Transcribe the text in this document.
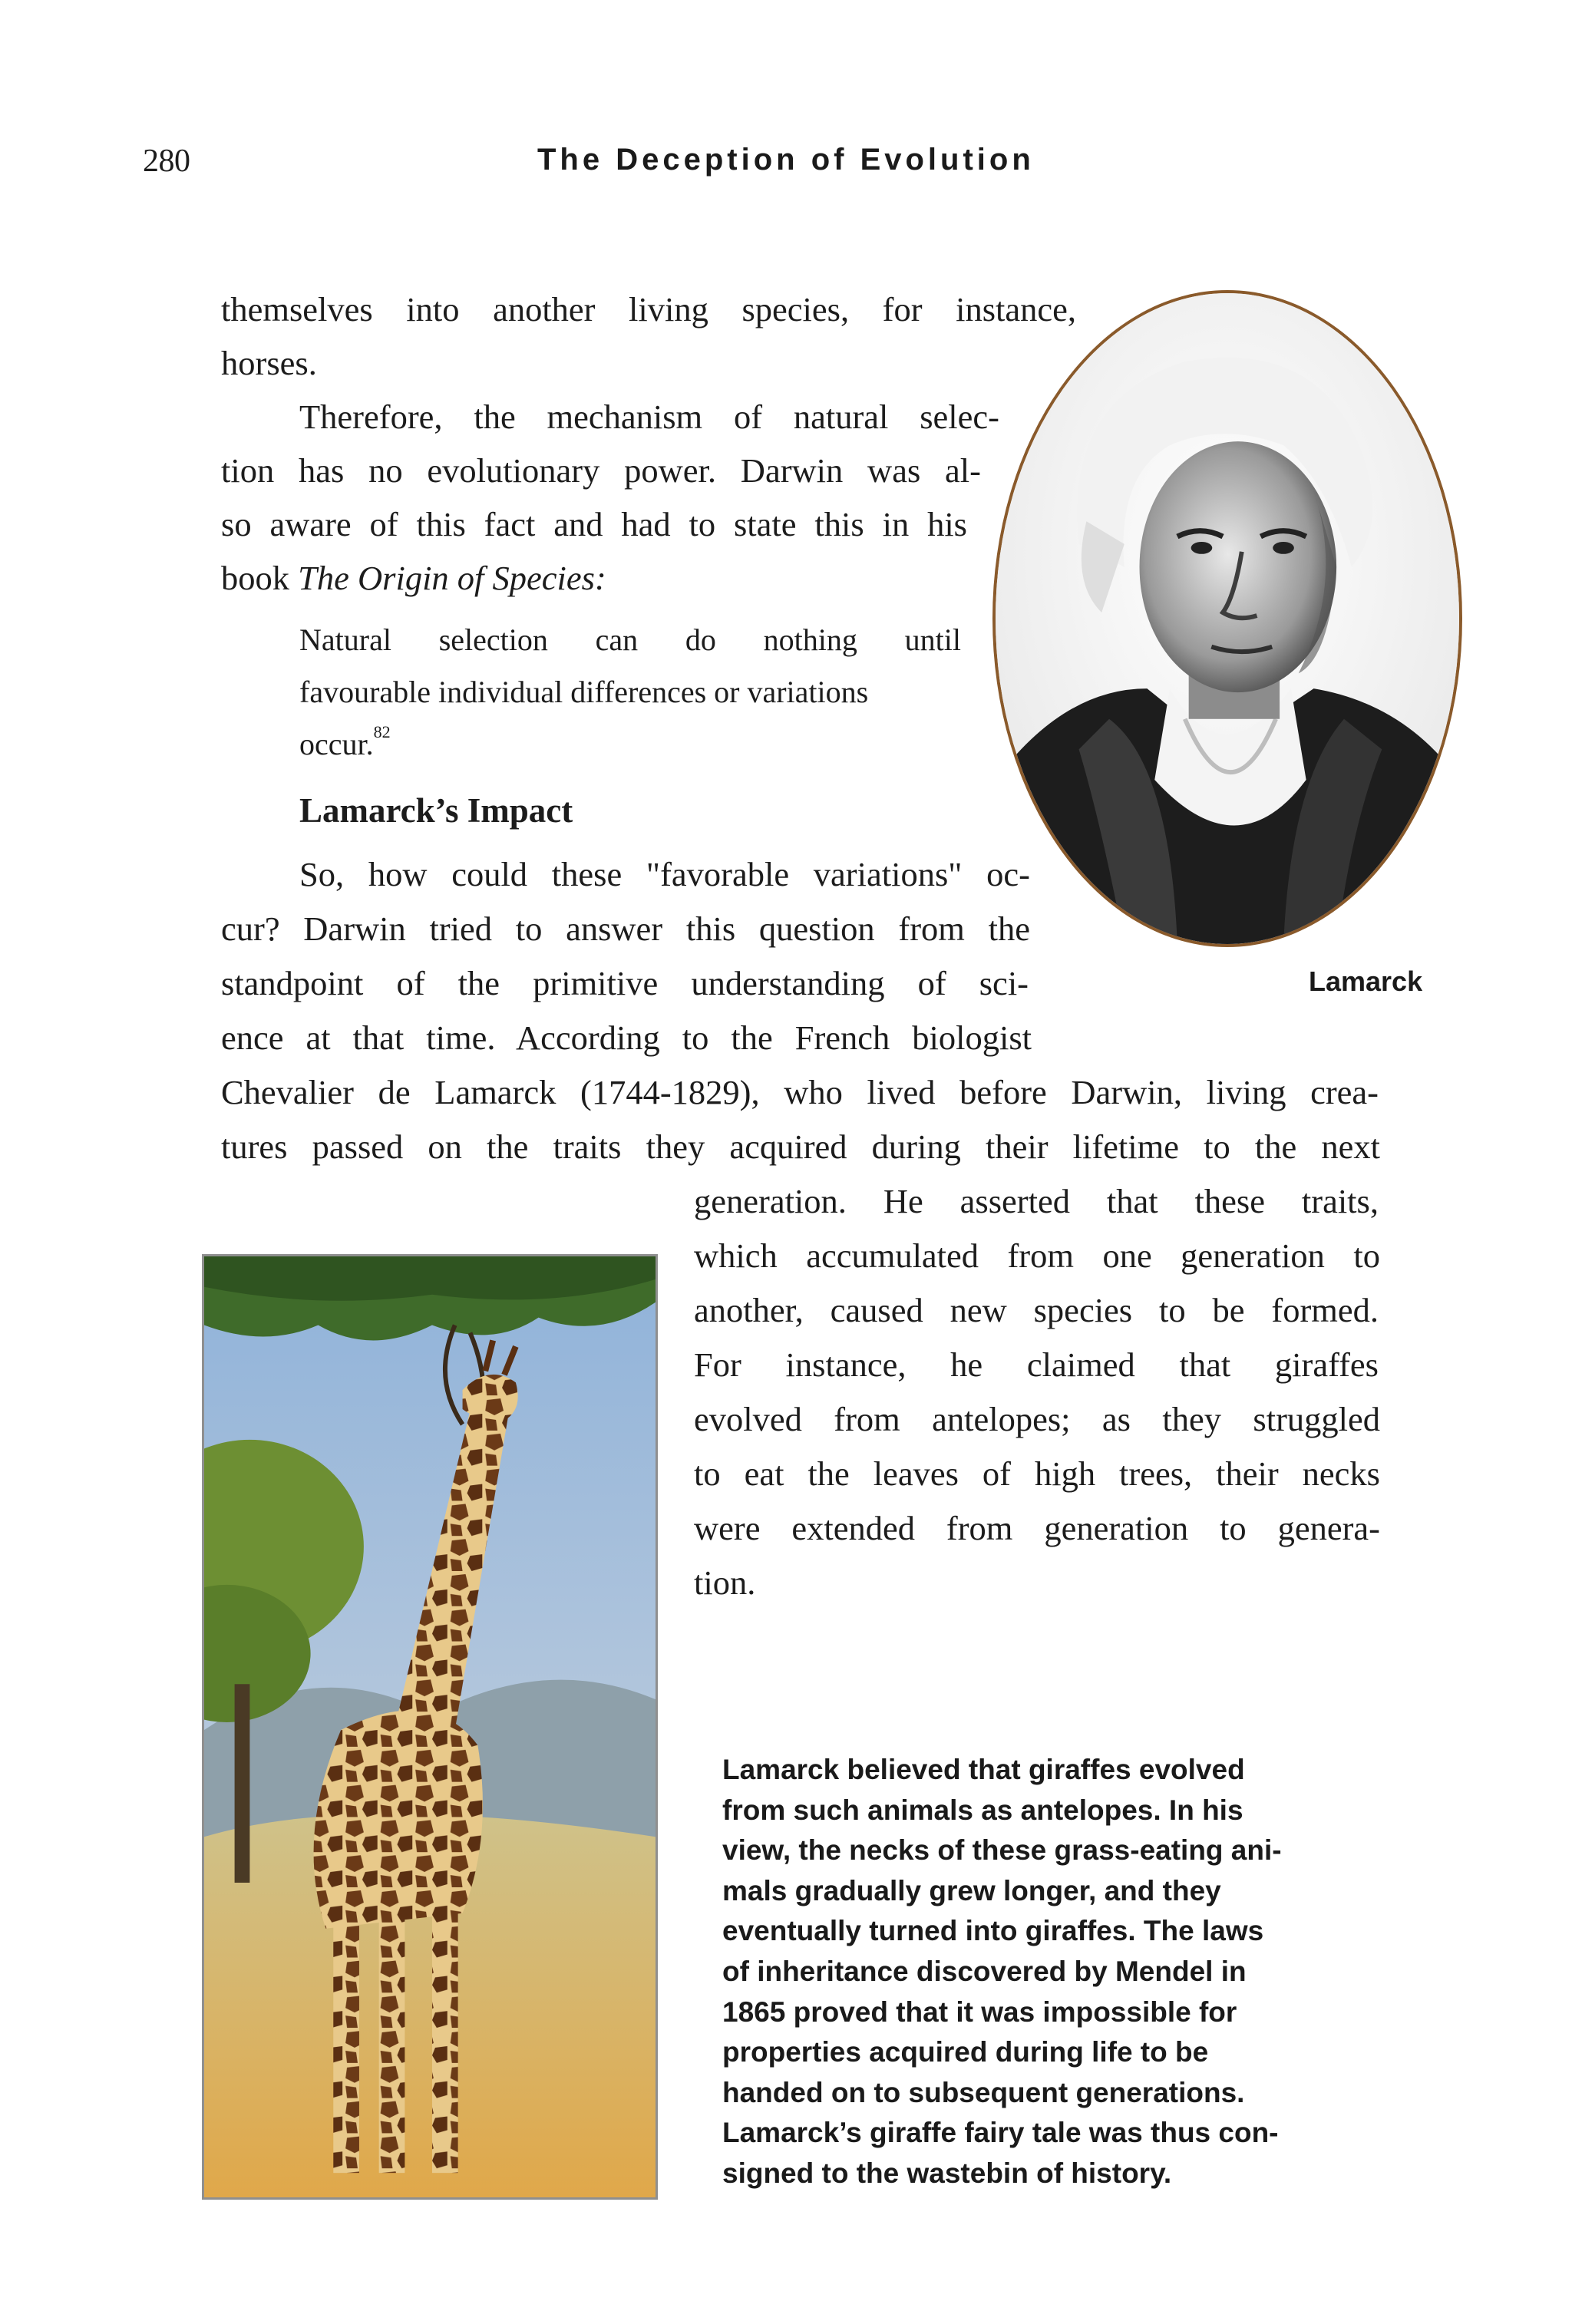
280	The Deception of Evolution
themselves into another living species, for instance,
horses.
Therefore, the mechanism of natural selec-
tion has no evolutionary power. Darwin was al-
so aware of this fact and had to state this in his
book The Origin of Species:
Natural selection can do nothing until
favourable individual differences or variations
occur.$^{82}$
Lamarck’s Impact
So, how could these "favorable variations" oc-
cur? Darwin tried to answer this question from the
standpoint of the primitive understanding of sci-
ence at that time. According to the French biologist
Chevalier de Lamarck (1744-1829), who lived before Darwin, living crea-
tures passed on the traits they acquired during their lifetime to the next
generation. He asserted that these traits,
which accumulated from one generation to
another, caused new species to be formed.
For instance, he claimed that giraffes
evolved from antelopes; as they struggled
to eat the leaves of high trees, their necks
were extended from generation to genera-
tion.
Lamarck
Lamarck believed that giraffes evolved
from such animals as antelopes. In his
view, the necks of these grass-eating ani-
mals gradually grew longer, and they
eventually turned into giraffes. The laws
of inheritance discovered by Mendel in
1865 proved that it was impossible for
properties acquired during life to be
handed on to subsequent generations.
Lamarck’s giraffe fairy tale was thus con-
signed to the wastebin of history.
